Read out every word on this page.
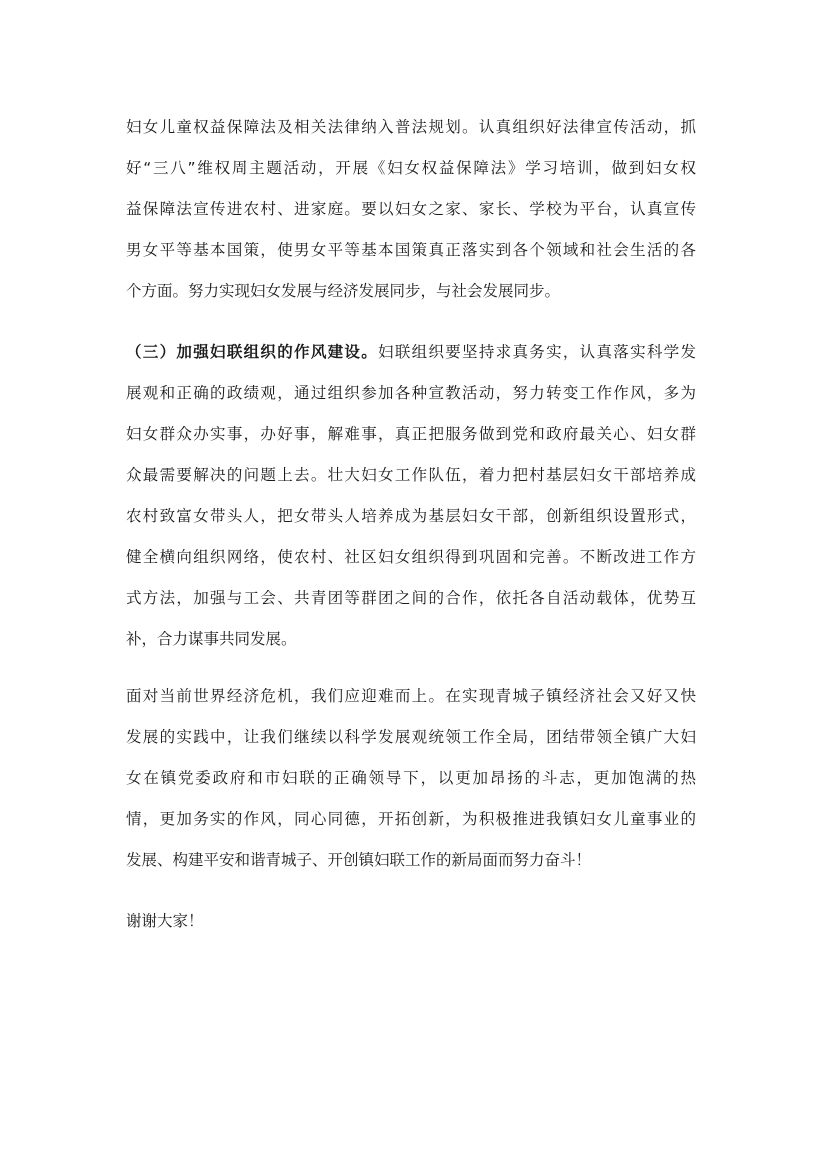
妇女儿童权益保障法及相关法律纳入普法规划。认真组织好法律宣传活动，抓
好“三八”维权周主题活动，开展《妇女权益保障法》学习培训，做到妇女权
益保障法宣传进农村、进家庭。要以妇女之家、家长、学校为平台，认真宣传
男女平等基本国策，使男女平等基本国策真正落实到各个领域和社会生活的各
个方面。努力实现妇女发展与经济发展同步，与社会发展同步。
（三）加强妇联组织的作风建设。妇联组织要坚持求真务实，认真落实科学发
展观和正确的政绩观，通过组织参加各种宣教活动，努力转变工作作风，多为
妇女群众办实事，办好事，解难事，真正把服务做到党和政府最关心、妇女群
众最需要解决的问题上去。壮大妇女工作队伍，着力把村基层妇女干部培养成
农村致富女带头人，把女带头人培养成为基层妇女干部，创新组织设置形式，
健全横向组织网络，使农村、社区妇女组织得到巩固和完善。不断改进工作方
式方法，加强与工会、共青团等群团之间的合作，依托各自活动载体，优势互
补，合力谋事共同发展。
面对当前世界经济危机，我们应迎难而上。在实现青城子镇经济社会又好又快
发展的实践中，让我们继续以科学发展观统领工作全局，团结带领全镇广大妇
女在镇党委政府和市妇联的正确领导下，以更加昂扬的斗志，更加饱满的热
情，更加务实的作风，同心同德，开拓创新，为积极推进我镇妇女儿童事业的
发展、构建平安和谐青城子、开创镇妇联工作的新局面而努力奋斗！
谢谢大家！
